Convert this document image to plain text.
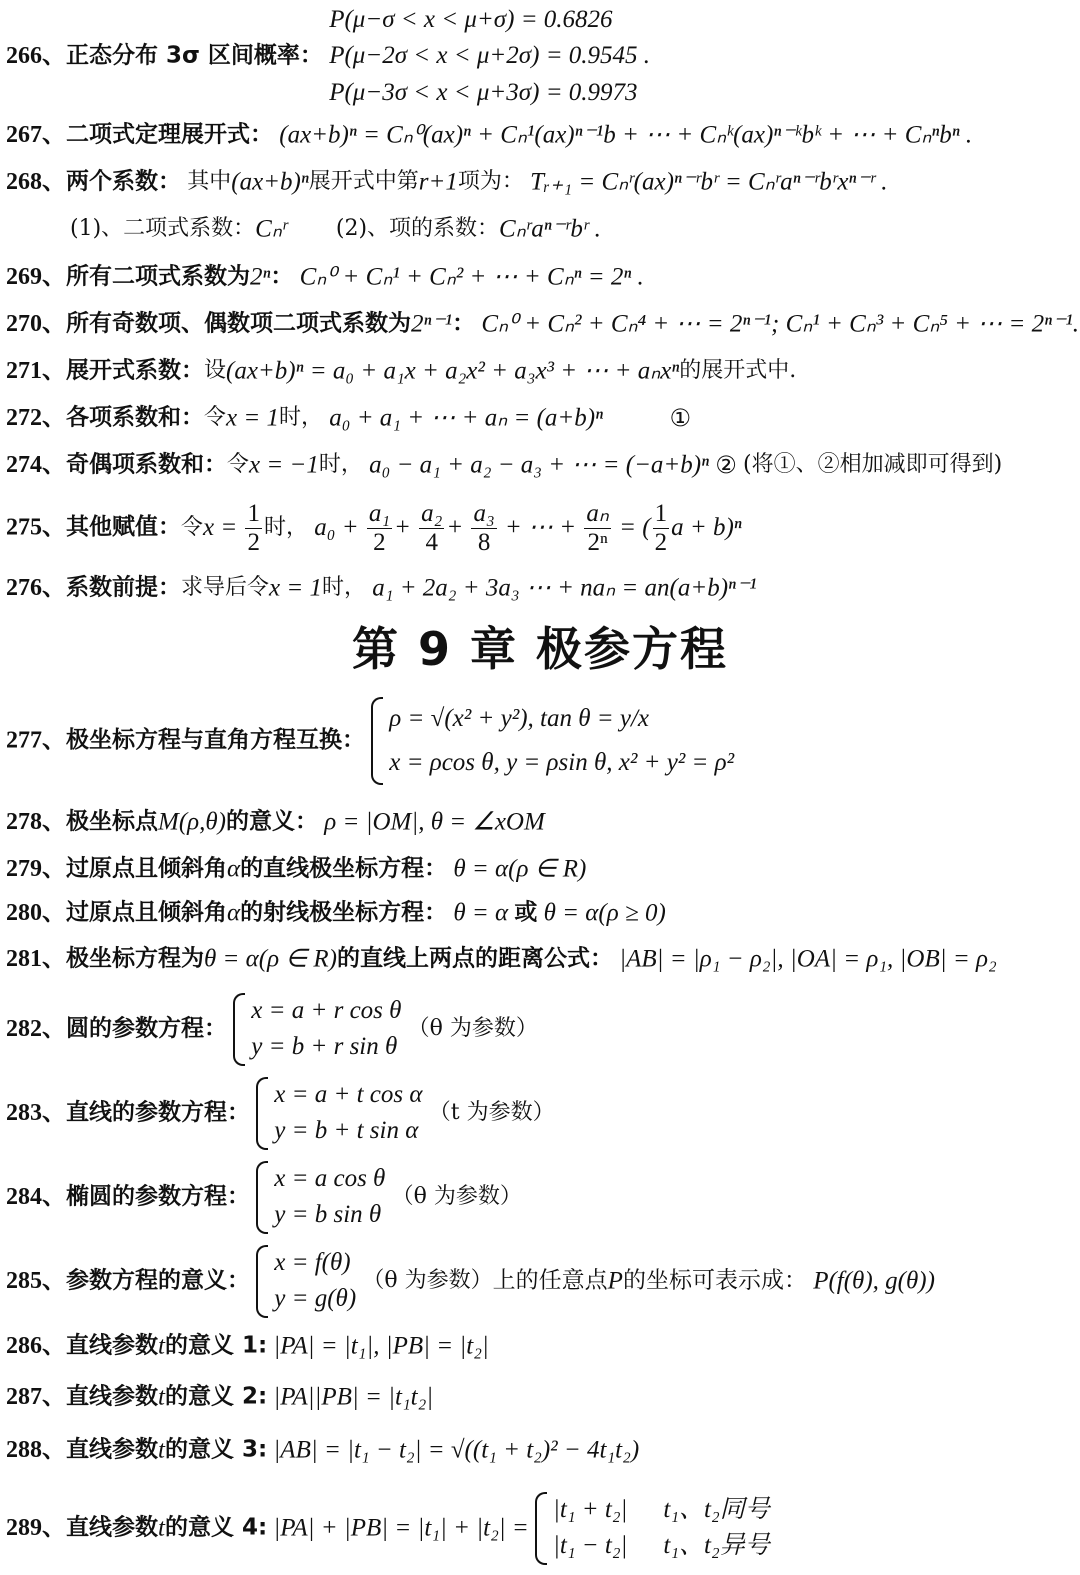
266、正态分布 3σ 区间概率：
P(μ−σ < x < μ+σ) = 0.6826
P(μ−2σ < x < μ+2σ) = 0.9545 .
P(μ−3σ < x < μ+3σ) = 0.9973
267、二项式定理展开式： (ax+b)ⁿ = Cₙ⁰(ax)ⁿ + Cₙ¹(ax)ⁿ⁻¹b + ⋯ + Cₙᵏ(ax)ⁿ⁻ᵏbᵏ + ⋯ + Cₙⁿbⁿ .
268、两个系数： 其中(ax+b)ⁿ展开式中第r+1项为： Tᵣ₊₁ = Cₙʳ(ax)ⁿ⁻ʳbʳ = Cₙʳaⁿ⁻ʳbʳxⁿ⁻ʳ .
(1)、二项式系数：Cₙʳ (2)、项的系数：Cₙʳaⁿ⁻ʳbʳ .
269、所有二项式系数为2ⁿ： Cₙ⁰ + Cₙ¹ + Cₙ² + ⋯ + Cₙⁿ = 2ⁿ .
270、所有奇数项、偶数项二项式系数为2ⁿ⁻¹： Cₙ⁰ + Cₙ² + Cₙ⁴ + ⋯ = 2ⁿ⁻¹; Cₙ¹ + Cₙ³ + Cₙ⁵ + ⋯ = 2ⁿ⁻¹.
271、展开式系数：设(ax+b)ⁿ = a₀ + a₁x + a₂x² + a₃x³ + ⋯ + aₙxⁿ的展开式中.
272、各项系数和：令x = 1时， a₀ + a₁ + ⋯ + aₙ = (a+b)ⁿ	①
274、奇偶项系数和：令x = −1时， a₀ − a₁ + a₂ − a₃ + ⋯ = (−a+b)ⁿ ② (将①、②相加减即可得到)
275、其他赋值：令$x = \frac{1}{2}$ 时， $a_0 + \frac{\text{a₁}}{2} + \frac{\text{a₂}}{4} + \frac{\text{a₃}}{8}$ + ⋯ + $\frac{\text{aₙ}}{\text{2ⁿ}}$ = ( $\frac{1}{2}$ a + b)ⁿ
276、系数前提：求导后令x = 1时， a₁ + 2a₂ + 3a₃ ⋯ + naₙ = an(a+b)ⁿ⁻¹
第 9 章 极参方程
277、极坐标方程与直角方程互换：
ρ = √(x² + y²), tan θ = y/x
x = ρcos θ, y = ρsin θ, x² + y² = ρ²
278、极坐标点M(ρ,θ)的意义： ρ = |OM|, θ = ∠xOM
279、过原点且倾斜角α的直线极坐标方程： θ = α(ρ ∈ R)
280、过原点且倾斜角α的射线极坐标方程： θ = α 或 θ = α(ρ ≥ 0)
281、极坐标方程为θ = α(ρ ∈ R)的直线上两点的距离公式： |AB| = |ρ₁ − ρ₂|, |OA| = ρ₁, |OB| = ρ₂
282、圆的参数方程：
x = a + r cos θ
y = b + r sin θ
（θ 为参数）
283、直线的参数方程：
x = a + t cos α
y = b + t sin α
（t 为参数）
284、椭圆的参数方程：
x = a cos θ
y = b sin θ
（θ 为参数）
285、参数方程的意义：
x = f(θ)
y = g(θ)
（θ 为参数）上的任意点P的坐标可表示成： P(f(θ), g(θ))
286、直线参数t的意义 1: |PA| = |t₁|, |PB| = |t₂|
287、直线参数t的意义 2: |PA||PB| = |t₁t₂|
288、直线参数t的意义 3: |AB| = |t₁ − t₂| = √((t₁ + t₂)² − 4t₁t₂)
289、直线参数t的意义 4: |PA| + |PB| = |t₁| + |t₂| =
|t₁ + t₂| t₁、t₂同号
|t₁ − t₂| t₁、t₂异号
